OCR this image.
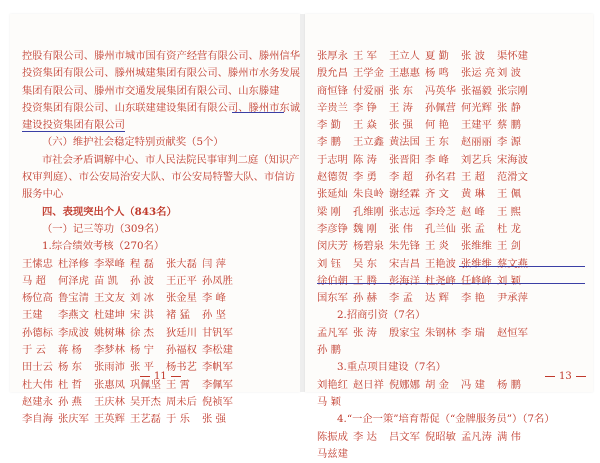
控股有限公司、滕州市城市国有资产经营有限公司、滕州信华
投资集团有限公司、滕州城建集团有限公司、滕州市水务发展
集团有限公司、滕州市交通发展集团有限公司、山东滕建
投资集团有限公司、山东联建建设集团有限公司、滕州市东诚
建设投资集团有限公司
（六）维护社会稳定特别贡献奖（5个）
市社会矛盾调解中心、市人民法院民事审判二庭（知识产
权审判庭）、市公安局治安大队、市公安局特警大队、市信访
服务中心
四、表现突出个人（843名）
（一）记三等功（309名）
1.综合绩效考核（270名）
王愫忠 杜泽修 李翠峰 程 磊	张大磊 闫 萍
马 超	何泽虎 苗 凯	孙 波	王正平 孙凤胜
杨位高 鲁宝清 王文友 刘 冰	张金星 李 峰
王建	李燕文 杜建坤 宋 洪	褚 猛	孙 坚
孙德标 李成波 姚树琳 徐 杰	狄廷川 甘钒军
于 云	蒋 杨	李梦林 杨 宁	孙福权 李松建
田士云 杨 东	张雨沛 张 平	杨书艺 李帆军
杜大伟 杜 哲	张惠凤 巩佩坚 王 霄	李佩军
赵建永 孙 燕	王庆林 吴开杰 周未后 倪祯军
李自海 张庆军 王英辉 王艺磊 于 乐	张 强
11
张厚永 王 军	王立人 夏 勤	张 波	渠怀建
殷允昌 王学金 王惠惠 杨 鸣	张运 亮 刘 波
商恒锋 付爱丽 张 东	冯英华 张福毅 张宗刚
辛贵兰 李 铮	王 涛	孙佩营 何光辉 张 静
李 勤	王 焱	张 强	何 艳	王建平 蔡 鹏
李 鹏	王立鑫 黄法国 王 东	赵丽丽 李 源
于志明 陈 涛	张晋阳 李 峰	刘艺兵 宋海波
赵德贺 李 勇	李 超	孙名君 王 超	范滑文
张延灿 朱良岭 谢经霖 齐 文	黄 琳	王 佩
梁 刚	孔维刚 张志远 李玲芝 赵 峰	王 熙
李彦铮 魏 刚	张 伟	孔兰仙 张 孟	杜 龙
闵庆芳 杨碧泉 朱先锋 王 炎	张维维 王 剑
刘 钰	吴 东	宋吉昌 王艳波 张维维 蔡文燕
徐伯朝 王 腾	彭海洋 杜尧峰 任峰峰 刘 颖
国东军 孙 赫	李 孟	达 辉	李 艳	尹承萍
2.招商引资（7名）
孟凡军 张 涛	殷家宝 朱钢林 李 瑞	赵恒军
孙 鹏
3.重点项目建设（7名）
刘艳红 赵日祥 倪娜娜 胡 金	冯 建	杨 鹏
马 颖
4.“一企一策”培育帮促（“金牌服务员”）（7名）
陈振成 李 达	吕文军 倪昭敏 孟凡涛 满 伟
马兹建
13
